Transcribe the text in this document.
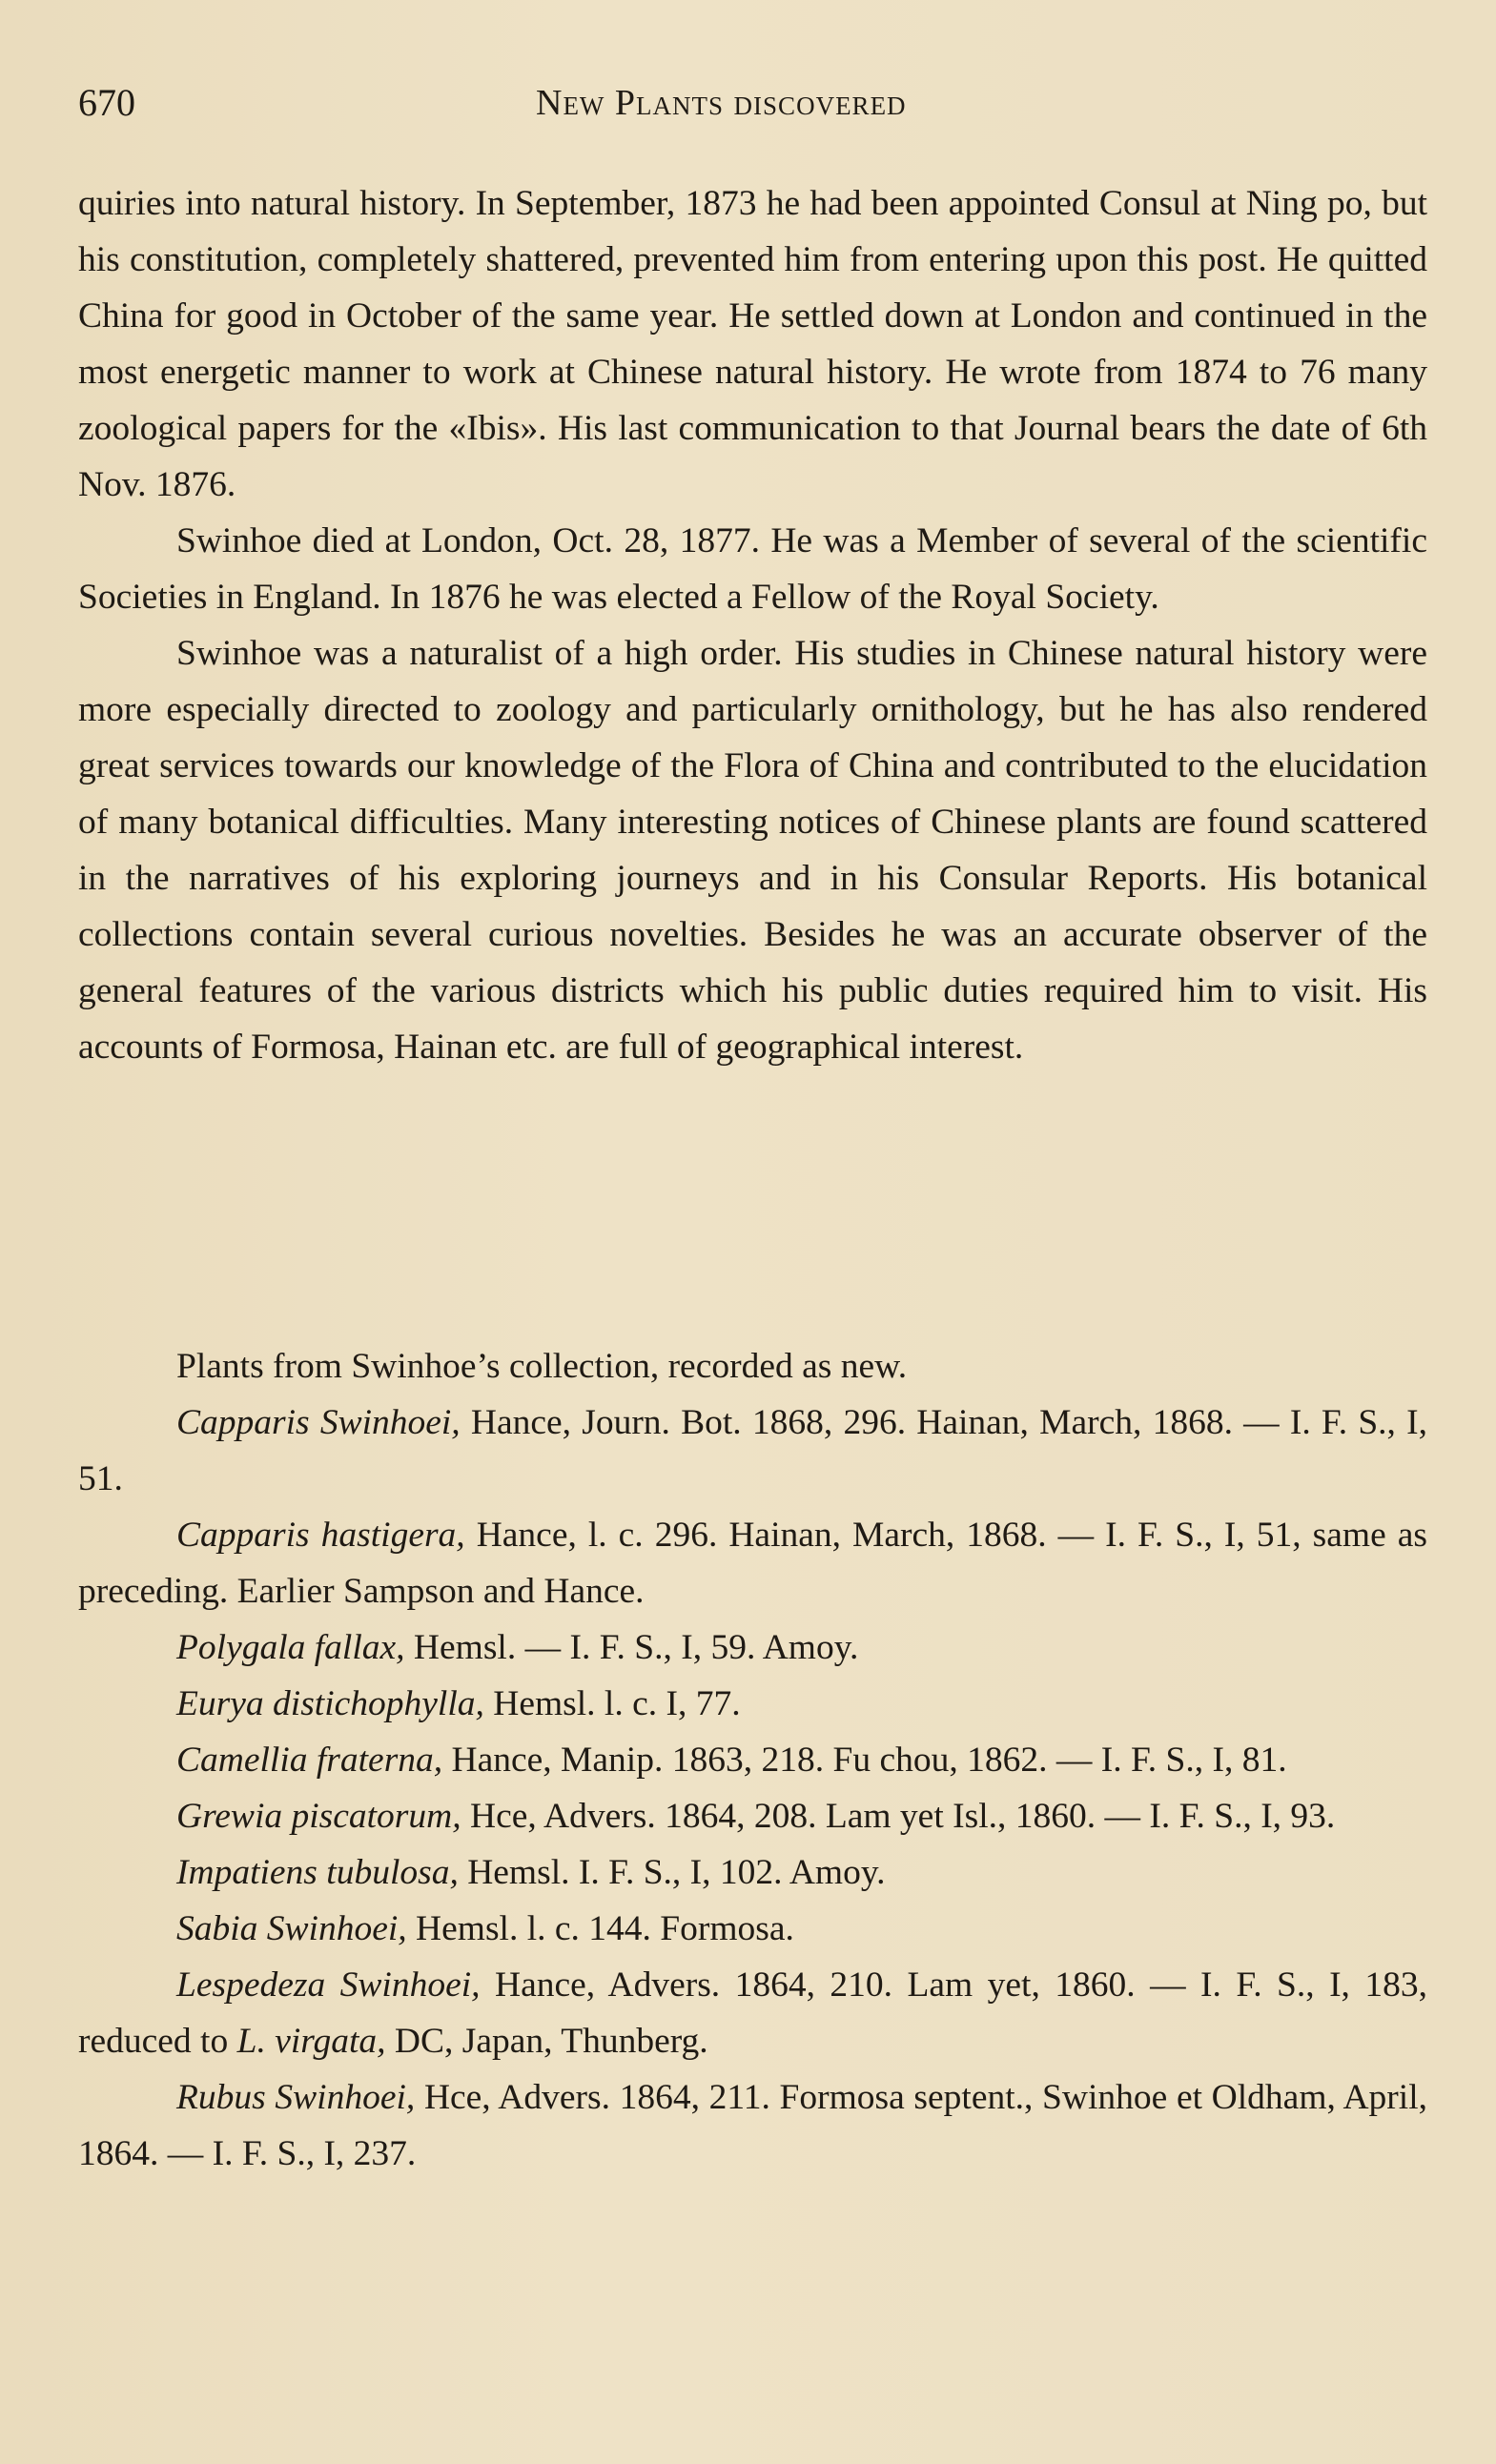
670	New Plants discovered

quiries into natural history. In September, 1873 he had been appointed Consul at Ning po, but his constitution, completely shattered, prevented him from entering upon this post. He quitted China for good in October of the same year. He settled down at London and continued in the most energetic manner to work at Chinese natural history. He wrote from 1874 to 76 many zoological papers for the «Ibis». His last communication to that Journal bears the date of 6th Nov. 1876.

Swinhoe died at London, Oct. 28, 1877. He was a Member of several of the scientific Societies in England. In 1876 he was elected a Fellow of the Royal Society.

Swinhoe was a naturalist of a high order. His studies in Chinese natural history were more especially directed to zoology and particularly ornithology, but he has also rendered great services towards our knowledge of the Flora of China and contributed to the elucidation of many botanical difficulties. Many interesting notices of Chinese plants are found scattered in the narratives of his exploring journeys and in his Consular Reports. His botanical collections contain several curious novelties. Besides he was an accurate observer of the general features of the various districts which his public duties required him to visit. His accounts of Formosa, Hainan etc. are full of geographical interest.

Plants from Swinhoe’s collection, recorded as new.

Capparis Swinhoei, Hance, Journ. Bot. 1868, 296. Hainan, March, 1868. — I. F. S., I, 51.

Capparis hastigera, Hance, l. c. 296. Hainan, March, 1868. — I. F. S., I, 51, same as preceding. Earlier Sampson and Hance.

Polygala fallax, Hemsl. — I. F. S., I, 59. Amoy.

Eurya distichophylla, Hemsl. l. c. I, 77.

Camellia fraterna, Hance, Manip. 1863, 218. Fu chou, 1862. — I. F. S., I, 81.

Grewia piscatorum, Hce, Advers. 1864, 208. Lam yet Isl., 1860. — I. F. S., I, 93.

Impatiens tubulosa, Hemsl. I. F. S., I, 102. Amoy.

Sabia Swinhoei, Hemsl. l. c. 144. Formosa.

Lespedeza Swinhoei, Hance, Advers. 1864, 210. Lam yet, 1860. — I. F. S., I, 183, reduced to L. virgata, DC, Japan, Thunberg.

Rubus Swinhoei, Hce, Advers. 1864, 211. Formosa septent., Swinhoe et Oldham, April, 1864. — I. F. S., I, 237.
